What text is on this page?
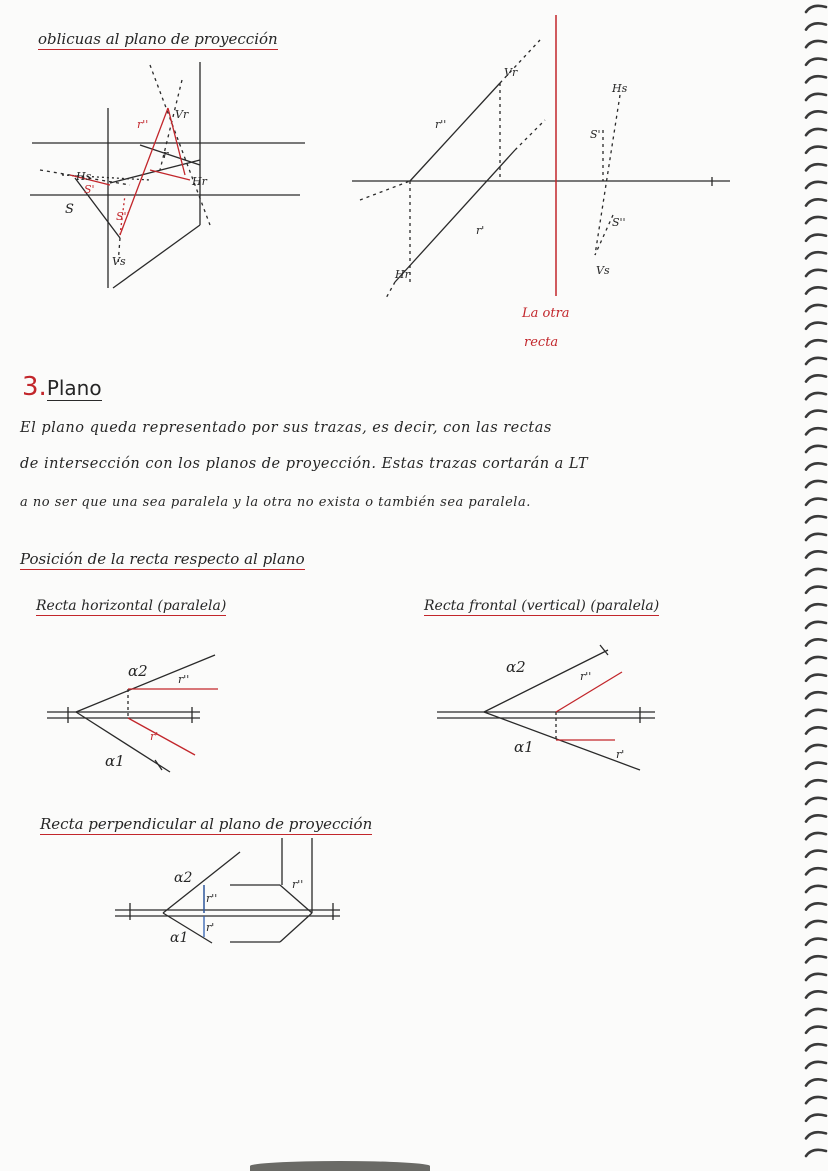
oblicuas al plano de proyección
r''
Vr
r
Hr
Hs
S
S'
S''
Vs
Vr
r''
r'
Hr
Hs
S'
S''
Vs
La otra
recta
3.Plano
El plano queda representado por sus trazas, es decir, con las rectas
de intersección con los planos de proyección. Estas trazas cortarán a LT
a no ser que una sea paralela y la otra no exista o también sea paralela.
Posición de la recta respecto al plano
Recta horizontal (paralela)
α2	r''
r'
α1
Recta frontal (vertical) (paralela)
α2
r''
α1	r'
Recta perpendicular al plano de proyección
α2
r''
r'
α1
r''
